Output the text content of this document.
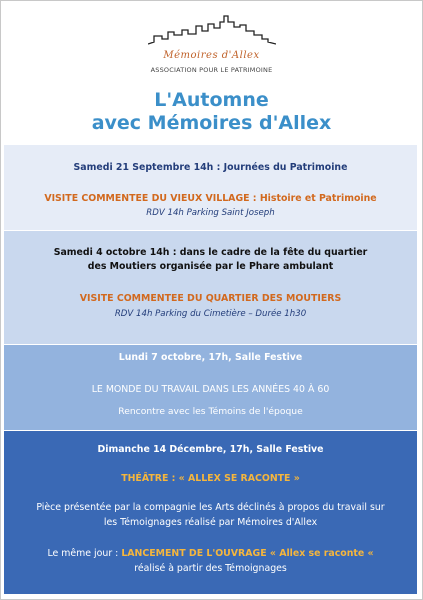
Mémoires d'Allex
ASSOCIATION POUR LE PATRIMOINE
L'Automne
avec Mémoires d'Allex
Samedi 21 Septembre 14h : Journées du Patrimoine
VISITE COMMENTEE DU VIEUX VILLAGE : Histoire et Patrimoine
RDV 14h Parking Saint Joseph
Samedi 4 octobre 14h : dans le cadre de la fête du quartier
des Moutiers organisée par le Phare ambulant
VISITE COMMENTEE DU QUARTIER DES MOUTIERS
RDV 14h Parking du Cimetière – Durée 1h30
Lundi 7 octobre, 17h, Salle Festive
LE MONDE DU TRAVAIL DANS LES ANNÉES 40 À 60
Rencontre avec les Témoins de l'époque
Dimanche 14 Décembre, 17h, Salle Festive
THÉÂTRE : « ALLEX SE RACONTE »
Pièce présentée par la compagnie les Arts déclinés à propos du travail sur
les Témoignages réalisé par Mémoires d'Allex
Le même jour : LANCEMENT DE L'OUVRAGE « Allex se raconte «
réalisé à partir des Témoignages
